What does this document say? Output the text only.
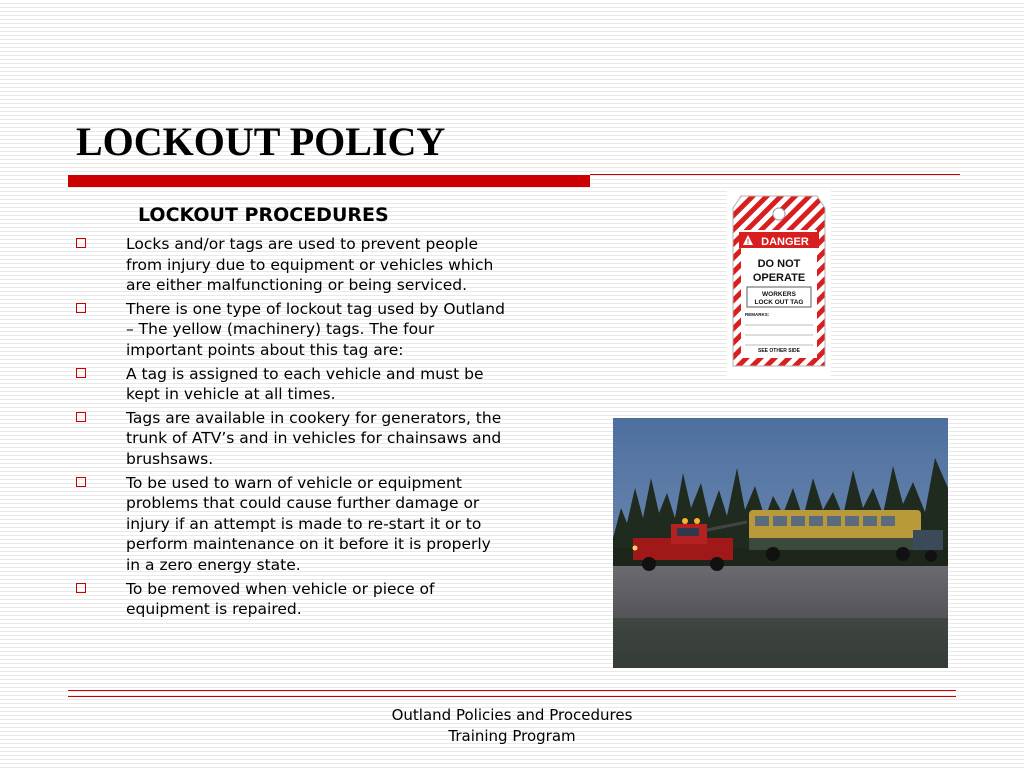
LOCKOUT POLICY
LOCKOUT PROCEDURES
Locks and/or tags are used to prevent people from injury due to equipment or vehicles which are either malfunctioning or being serviced.
There is one type of lockout tag used by Outland – The yellow (machinery) tags. The four important points about this tag are:
A tag is assigned to each vehicle and must be kept in vehicle at all times.
Tags are available in cookery for generators, the trunk of ATV’s and in vehicles for chainsaws and brushsaws.
To be used to warn of vehicle or equipment problems that could cause further damage or injury if an attempt is made to re-start it or to perform maintenance on it before it is properly in a zero energy state.
To be removed when vehicle or piece of equipment is repaired.
! DANGER
DO NOT
OPERATE
WORKERS
LOCK OUT TAG
REMARKS:
SEE OTHER SIDE
Outland Policies and Procedures
Training Program
